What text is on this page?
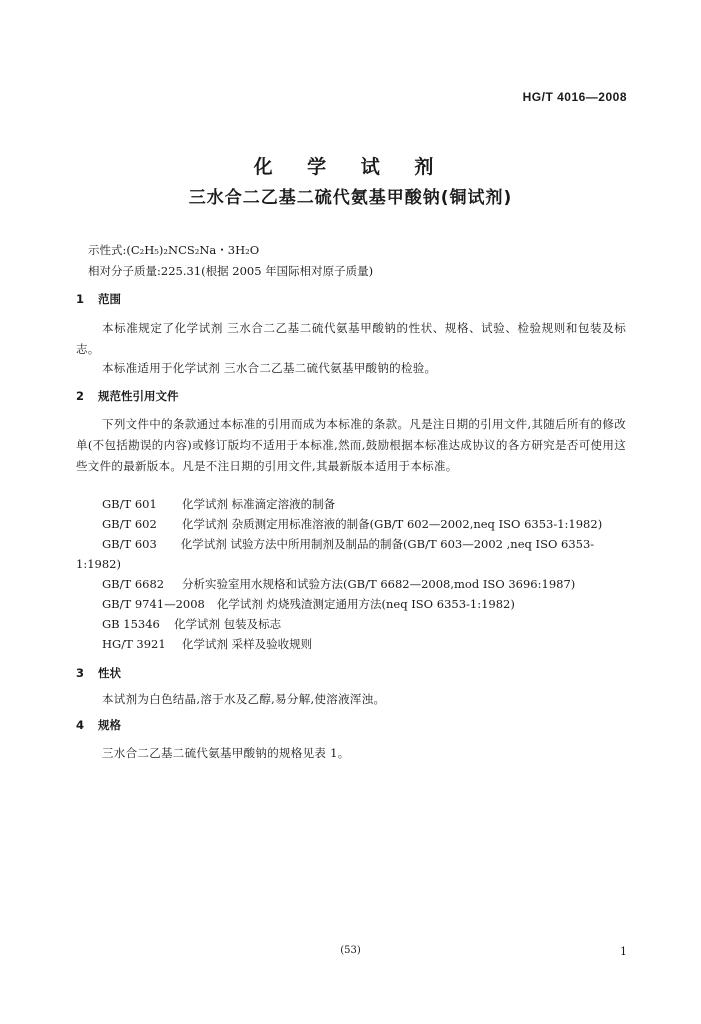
HG/T 4016—2008
化 学 试 剂
三水合二乙基二硫代氨基甲酸钠(铜试剂)
示性式:(C₂H₅)₂NCS₂Na・3H₂O
相对分子质量:225.31(根据 2005 年国际相对原子质量)
1 范围
本标准规定了化学试剂 三水合二乙基二硫代氨基甲酸钠的性状、规格、试验、检验规则和包装及标志。
本标准适用于化学试剂 三水合二乙基二硫代氨基甲酸钠的检验。
2 规范性引用文件
下列文件中的条款通过本标准的引用而成为本标准的条款。凡是注日期的引用文件,其随后所有的修改单(不包括勘误的内容)或修订版均不适用于本标准,然而,鼓励根据本标准达成协议的各方研究是否可使用这些文件的最新版本。凡是不注日期的引用文件,其最新版本适用于本标准。
GB/T 601 化学试剂 标准滴定溶液的制备
GB/T 602 化学试剂 杂质测定用标准溶液的制备(GB/T 602—2002,neq ISO 6353-1:1982)
GB/T 603 化学试剂 试验方法中所用制剂及制品的制备(GB/T 603—2002 ,neq ISO 6353-1:1982)
GB/T 6682 分析实验室用水规格和试验方法(GB/T 6682—2008,mod ISO 3696:1987)
GB/T 9741—2008 化学试剂 灼烧残渣测定通用方法(neq ISO 6353-1:1982)
GB 15346 化学试剂 包装及标志
HG/T 3921 化学试剂 采样及验收规则
3 性状
本试剂为白色结晶,溶于水及乙醇,易分解,使溶液浑浊。
4 规格
三水合二乙基二硫代氨基甲酸钠的规格见表 1。
(53)	1
